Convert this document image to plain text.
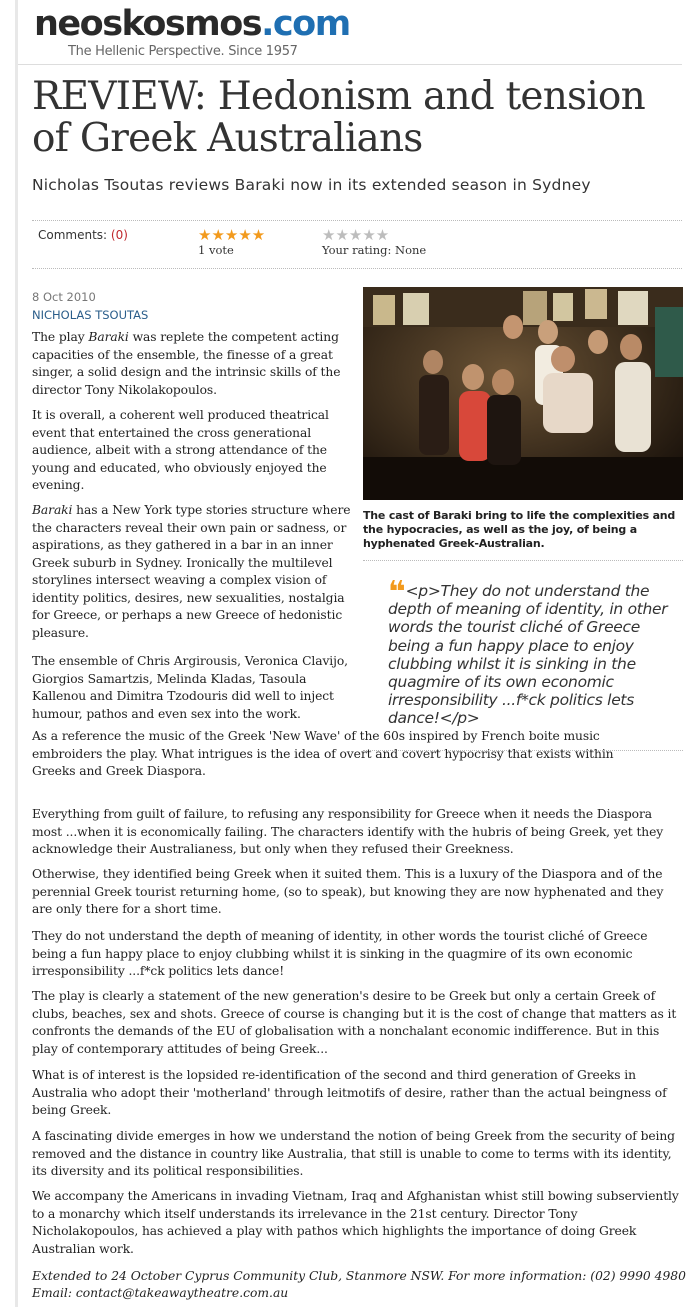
neoskosmos.com
The Hellenic Perspective. Since 1957
REVIEW: Hedonism and tension of Greek Australians
Nicholas Tsoutas reviews Baraki now in its extended season in Sydney
Comments: (0)	★★★★★
1 vote
★★★★★
Your rating: None
8 Oct 2010
NICHOLAS TSOUTAS
The cast of Baraki bring to life the complexities and the hypocracies, as well as the joy, of being a hyphenated Greek-Australian.
❝ <p>They do not understand the depth of meaning of identity, in other words the tourist cliché of Greece being a fun happy place to enjoy clubbing whilst it is sinking in the quagmire of its own economic irresponsibility ...f*ck politics lets dance!</p>

The play Baraki was replete the competent acting capacities of the ensemble, the finesse of a great singer, a solid design and the intrinsic skills of the director Tony Nikolakopoulos.

It is overall, a coherent well produced theatrical event that entertained the cross generational audience, albeit with a strong attendance of the young and educated, who obviously enjoyed the evening.

Baraki has a New York type stories structure where the characters reveal their own pain or sadness, or aspirations, as they gathered in a bar in an inner Greek suburb in Sydney. Ironically the multilevel storylines intersect weaving a complex vision of identity politics, desires, new sexualities, nostalgia for Greece, or perhaps a new Greece of hedonistic pleasure.

The ensemble of Chris Argirousis, Veronica Clavijo, Giorgios Samartzis, Melinda Kladas, Tasoula Kallenou and Dimitra Tzodouris did well to inject humour, pathos and even sex into the work.

As a reference the music of the Greek 'New Wave' of the 60s inspired by French boite music embroiders the play. What intrigues is the idea of overt and covert hypocrisy that exists within Greeks and Greek Diaspora.

Everything from guilt of failure, to refusing any responsibility for Greece when it needs the Diaspora most ...when it is economically failing. The characters identify with the hubris of being Greek, yet they acknowledge their Australianess, but only when they refused their Greekness.

Otherwise, they identified being Greek when it suited them. This is a luxury of the Diaspora and of the perennial Greek tourist returning home, (so to speak), but knowing they are now hyphenated and they are only there for a short time.

They do not understand the depth of meaning of identity, in other words the tourist cliché of Greece being a fun happy place to enjoy clubbing whilst it is sinking in the quagmire of its own economic irresponsibility ...f*ck politics lets dance!

The play is clearly a statement of the new generation's desire to be Greek but only a certain Greek of clubs, beaches, sex and shots. Greece of course is changing but it is the cost of change that matters as it confronts the demands of the EU of globalisation with a nonchalant economic indifference. But in this play of contemporary attitudes of being Greek...

What is of interest is the lopsided re-identification of the second and third generation of Greeks in Australia who adopt their 'motherland' through leitmotifs of desire, rather than the actual beingness of being Greek.

A fascinating divide emerges in how we understand the notion of being Greek from the security of being removed and the distance in country like Australia, that still is unable to come to terms with its identity, its diversity and its political responsibilities.

We accompany the Americans in invading Vietnam, Iraq and Afghanistan whist still bowing subserviently to a monarchy which itself understands its irrelevance in the 21st century. Director Tony Nicholakopoulos, has achieved a play with pathos which highlights the importance of doing Greek Australian work.

Extended to 24 October Cyprus Community Club, Stanmore NSW. For more information: (02) 9990 4980
Email: contact@takeawaytheatre.com.au
